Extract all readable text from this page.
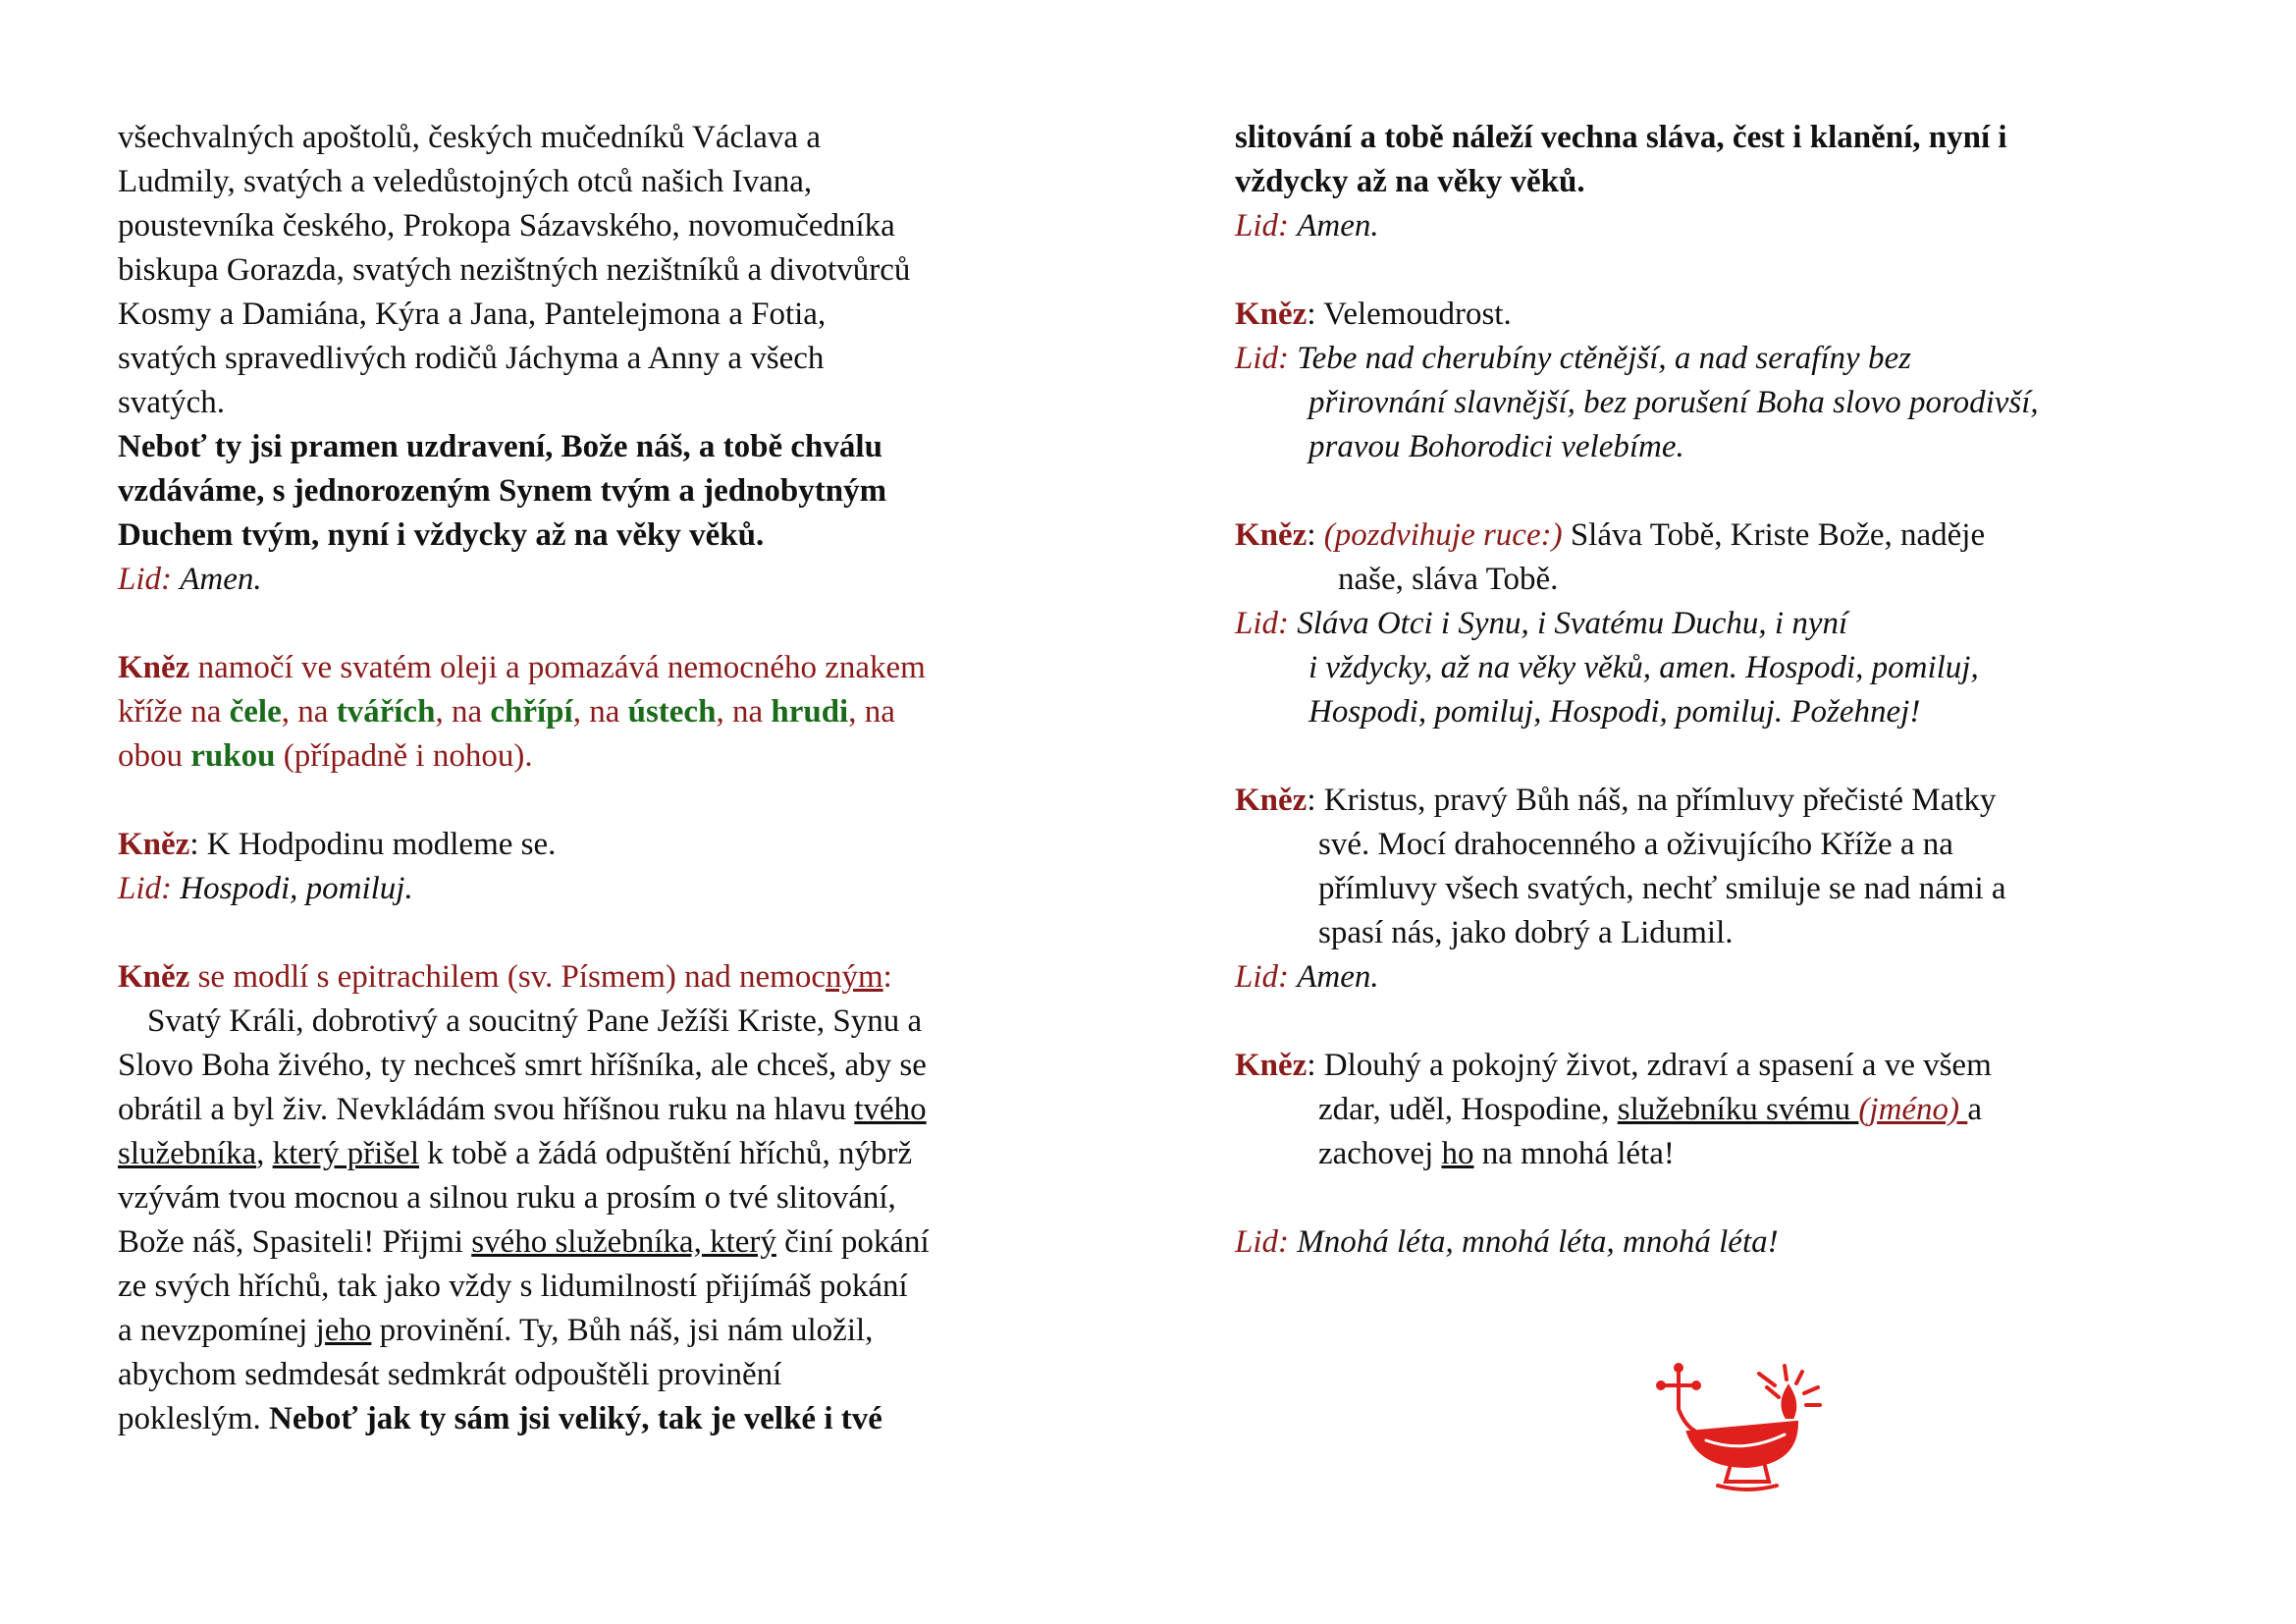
všechvalných apoštolů, českých mučedníků Václava a
Ludmily, svatých a veledůstojných otců našich Ivana,
poustevníka českého, Prokopa Sázavského, novomučedníka
biskupa Gorazda, svatých nezištných nezištníků a divotvůrců
Kosmy a Damiána, Kýra a Jana, Pantelejmona a Fotia,
svatých spravedlivých rodičů Jáchyma a Anny a všech
svatých.
Neboť ty jsi pramen uzdravení, Bože náš, a tobě chválu
vzdáváme, s jednorozeným Synem tvým a jednobytným
Duchem tvým, nyní i vždycky až na věky věků.
Lid: Amen.

Kněz namočí ve svatém oleji a pomazává nemocného znakem
kříže na čele, na tvářích, na chřípí, na ústech, na hrudi, na
obou rukou (případně i nohou).

Kněz: K Hodpodinu modleme se.
Lid: Hospodi, pomiluj.

Kněz se modlí s epitrachilem (sv. Písmem) nad nemocným:
Svatý Králi, dobrotivý a soucitný Pane Ježíši Kriste, Synu a
Slovo Boha živého, ty nechceš smrt hříšníka, ale chceš, aby se
obrátil a byl živ. Nevkládám svou hříšnou ruku na hlavu tvého
služebníka, který přišel k tobě a žádá odpuštění hříchů, nýbrž
vzývám tvou mocnou a silnou ruku a prosím o tvé slitování,
Bože náš, Spasiteli! Přijmi svého služebníka, který činí pokání
ze svých hříchů, tak jako vždy s lidumilností přijímáš pokání
a nevzpomínej jeho provinění. Ty, Bůh náš, jsi nám uložil,
abychom sedmdesát sedmkrát odpouštěli provinění
pokleslým. Neboť jak ty sám jsi veliký, tak je velké i tvé

slitování a tobě náleží vechna sláva, čest i klanění, nyní i
vždycky až na věky věků.
Lid: Amen.

Kněz: Velemoudrost.
Lid: Tebe nad cherubíny ctěnější, a nad serafíny bez
přirovnání slavnější, bez porušení Boha slovo porodivší,
pravou Bohorodici velebíme.

Kněz: (pozdvihuje ruce:) Sláva Tobě, Kriste Bože, naděje
naše, sláva Tobě.
Lid: Sláva Otci i Synu, i Svatému Duchu, i nyní
i vždycky, až na věky věků, amen. Hospodi, pomiluj,
Hospodi, pomiluj, Hospodi, pomiluj. Požehnej!

Kněz: Kristus, pravý Bůh náš, na přímluvy přečisté Matky
své. Mocí drahocenného a oživujícího Kříže a na
přímluvy všech svatých, nechť smiluje se nad námi a
spasí nás, jako dobrý a Lidumil.
Lid: Amen.

Kněz: Dlouhý a pokojný život, zdraví a spasení a ve všem
zdar, uděl, Hospodine, služebníku svému (jméno) a
zachovej ho na mnohá léta!

Lid: Mnohá léta, mnohá léta, mnohá léta!
